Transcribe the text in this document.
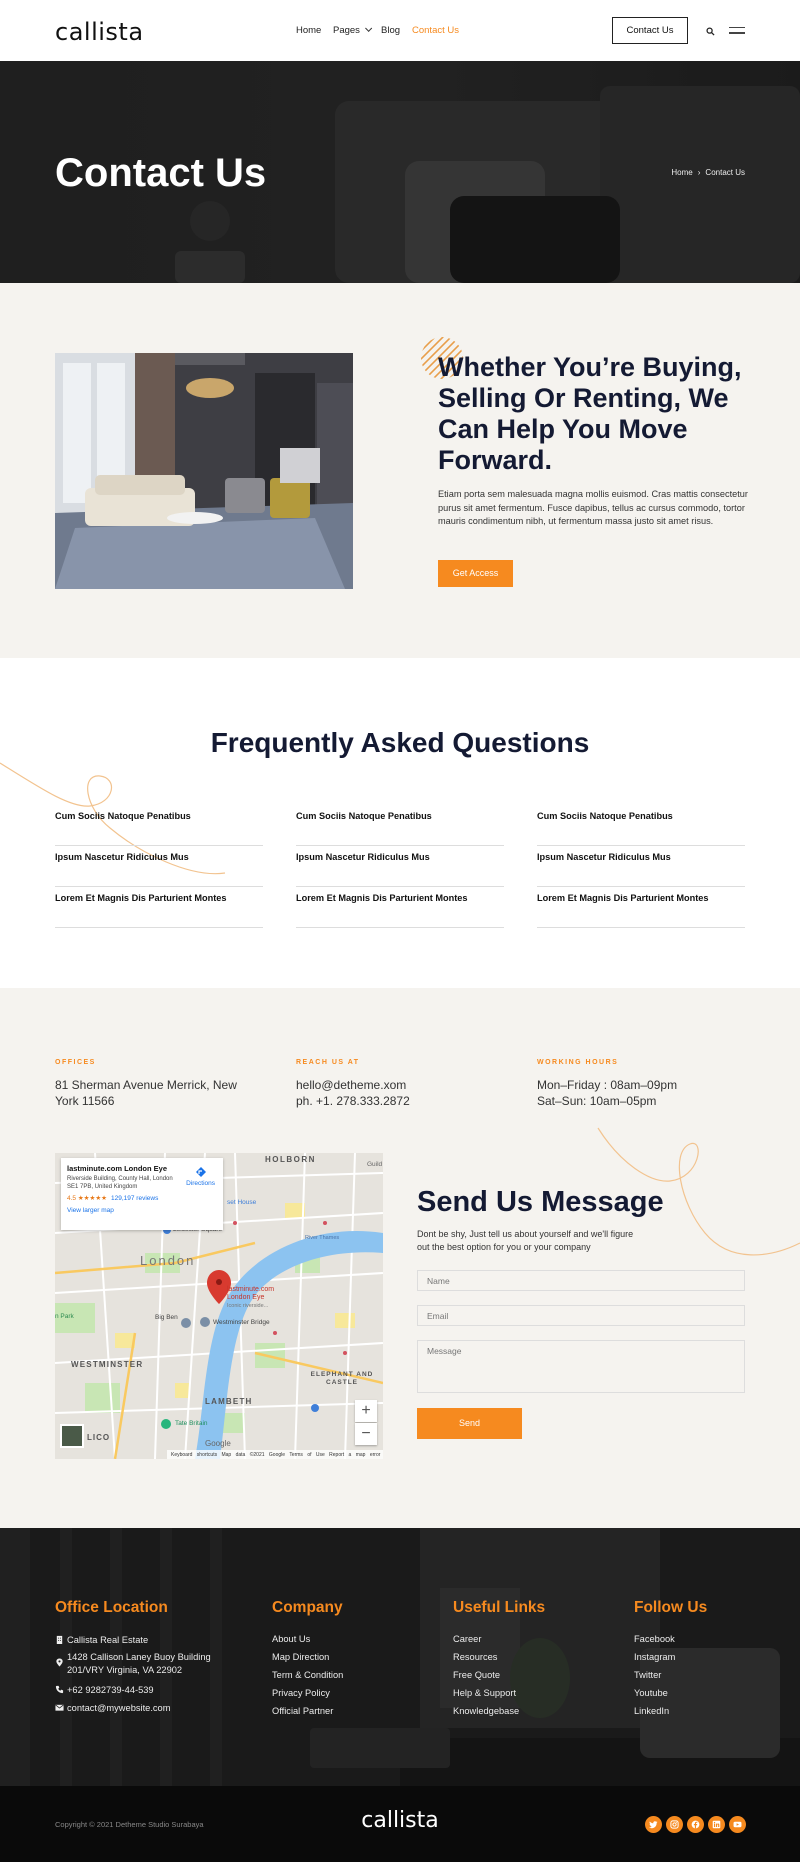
callista	Home Pages	Blog Contact Us	Contact Us
Contact Us	Home › Contact Us
Whether You’re Buying, Selling Or Renting, We Can Help You Move Forward.

Etiam porta sem malesuada magna mollis euismod. Cras mattis consectetur purus sit amet fermentum. Fusce dapibus, tellus ac cursus commodo, tortor mauris condimentum nibh, ut fermentum massa justo sit amet risus.

Get Access
Frequently Asked Questions
Cum Sociis Natoque Penatibus
Ipsum Nascetur Ridiculus Mus
Lorem Et Magnis Dis Parturient Montes
Cum Sociis Natoque Penatibus
Ipsum Nascetur Ridiculus Mus
Lorem Et Magnis Dis Parturient Montes
Cum Sociis Natoque Penatibus
Ipsum Nascetur Ridiculus Mus
Lorem Et Magnis Dis Parturient Montes
OFFICES
81 Sherman Avenue Merrick, New York 11566
REACH US AT
hello@detheme.xom
ph. +1. 278.333.2872
WORKING HOURS
Mon–Friday : 08am–09pm
Sat–Sun: 10am–05pm
HOLBORN
London
WESTMINSTER
LAMBETH
ELEPHANT AND CASTLE
Big Ben
Westminster Bridge
Tate Britain
River Thames
set House
Guild
n Park
LICO
lastminute.com London Eye
Iconic riverside...
lastminute.com London Eye
Riverside Building, County Hall, London SE1 7PB, United Kingdom
4.5 ★★★★★ 129,197 reviews
View larger map
Directions
+
−
Google
Keyboard shortcuts Map data ©2021 Google Terms of Use Report a map error
Send Us Message

Dont be shy, Just tell us about yourself and we'll figure out the best option for you or your company

Name
Email
Message
Send
Office Location
Callista Real Estate
1428 Callison Laney Buoy Building 201/VRY Virginia, VA 22902
+62 9282739-44-539
contact@mywebsite.com
Company
About Us
Map Direction
Term & Condition
Privacy Policy
Official Partner
Useful Links
Career
Resources
Free Quote
Help & Support
Knowledgebase
Follow Us
Facebook
Instagram
Twitter
Youtube
LinkedIn
Copyright © 2021 Detheme Studio Surabaya	callista
